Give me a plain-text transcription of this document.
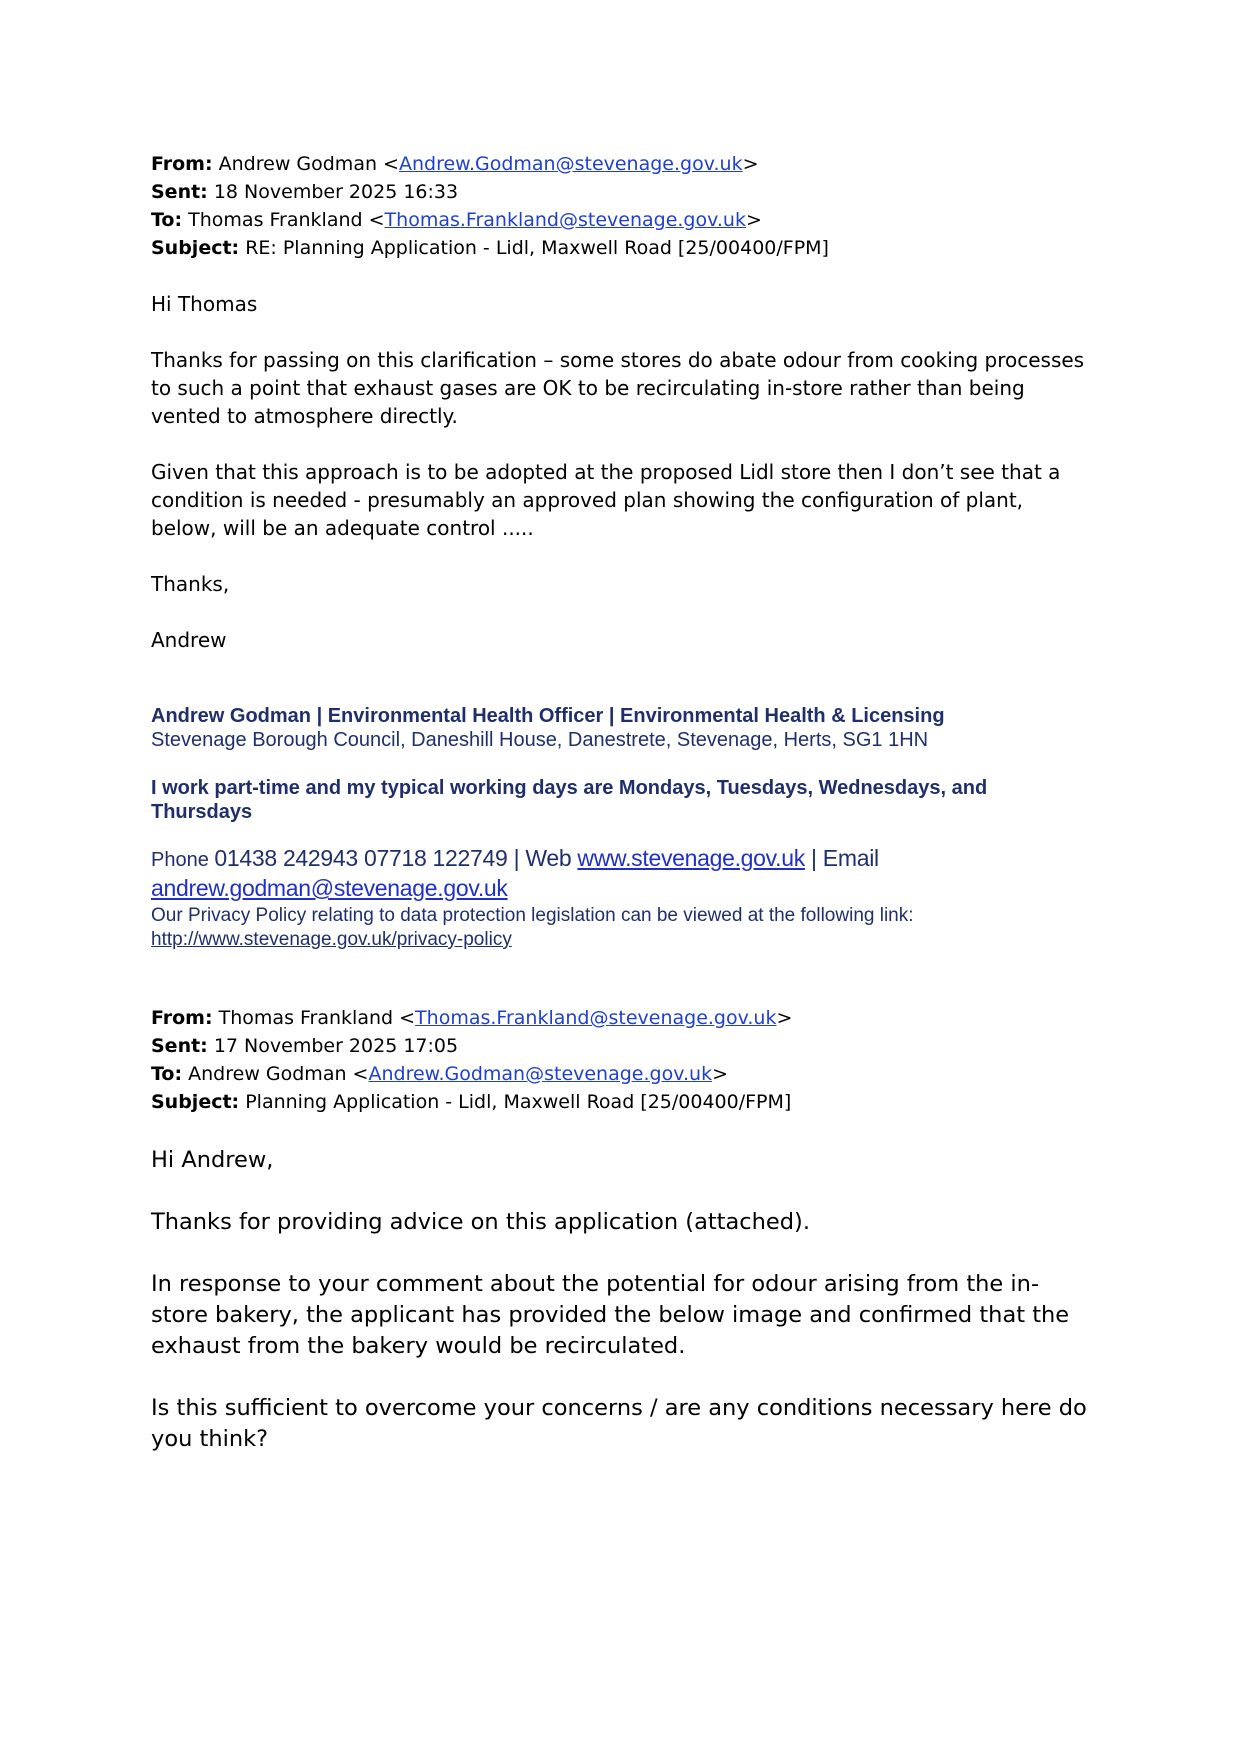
From: Andrew Godman <Andrew.Godman@stevenage.gov.uk>
Sent: 18 November 2025 16:33
To: Thomas Frankland <Thomas.Frankland@stevenage.gov.uk>
Subject: RE: Planning Application - Lidl, Maxwell Road [25/00400/FPM]

Hi Thomas

Thanks for passing on this clarification – some stores do abate odour from cooking processes to such a point that exhaust gases are OK to be recirculating in-store rather than being vented to atmosphere directly.

Given that this approach is to be adopted at the proposed Lidl store then I don’t see that a condition is needed - presumably an approved plan showing the configuration of plant, below, will be an adequate control .....

Thanks,

Andrew

Andrew Godman | Environmental Health Officer | Environmental Health & Licensing
Stevenage Borough Council, Daneshill House, Danestrete, Stevenage, Herts, SG1 1HN
I work part-time and my typical working days are Mondays, Tuesdays, Wednesdays, and Thursdays
Phone 01438 242943 07718 122749 | Web www.stevenage.gov.uk | Email
andrew.godman@stevenage.gov.uk
Our Privacy Policy relating to data protection legislation can be viewed at the following link:
http://www.stevenage.gov.uk/privacy-policy
From: Thomas Frankland <Thomas.Frankland@stevenage.gov.uk>
Sent: 17 November 2025 17:05
To: Andrew Godman <Andrew.Godman@stevenage.gov.uk>
Subject: Planning Application - Lidl, Maxwell Road [25/00400/FPM]

Hi Andrew,

Thanks for providing advice on this application (attached).

In response to your comment about the potential for odour arising from the in-store bakery, the applicant has provided the below image and confirmed that the exhaust from the bakery would be recirculated.

Is this sufficient to overcome your concerns / are any conditions necessary here do you think?
